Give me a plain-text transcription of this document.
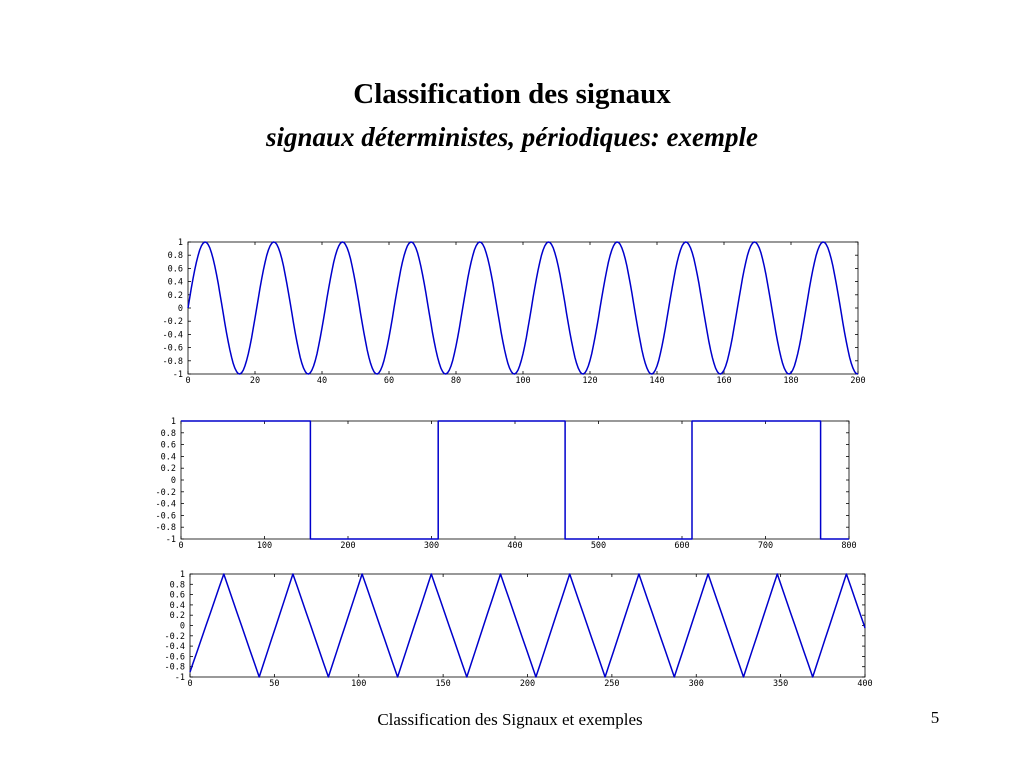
Classification des signaux
signaux déterministes, périodiques: exemple
0	20	40	60	80	100	120	140	160	180	200
-1
-0.8
-0.6
-0.4
-0.2
0
0.2
0.4
0.6
0.8
1
0	100	200	300	400	500	600	700	800
-1
-0.8
-0.6
-0.4
-0.2
0
0.2
0.4
0.6
0.8
1
0	50	100	150	200	250	300	350	400
-1
-0.8
-0.6
-0.4
-0.2
0
0.2
0.4
0.6
0.8
1
Classification des Signaux et exemples	5
